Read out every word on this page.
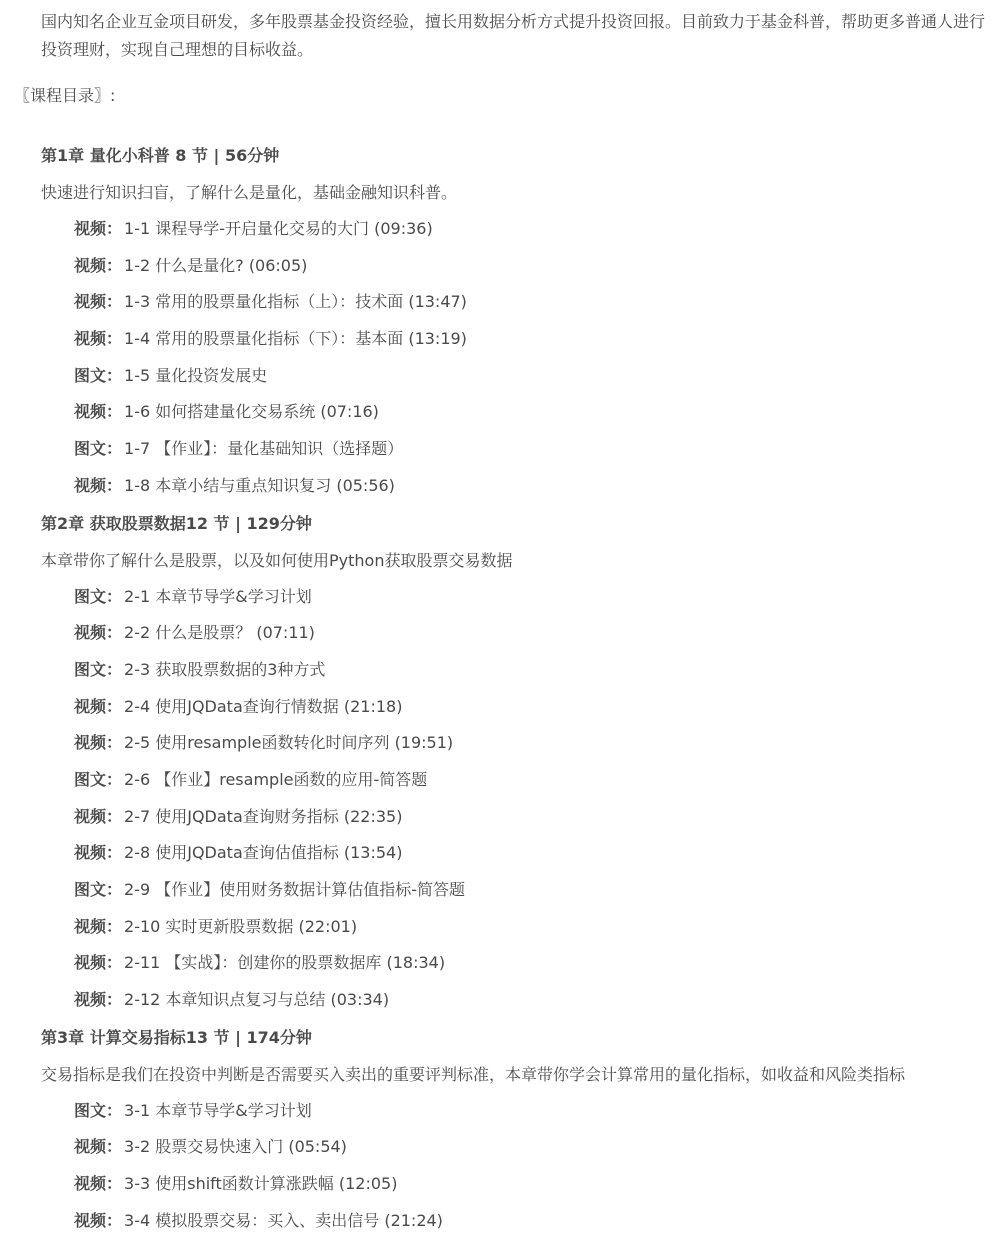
国内知名企业互金项目研发，多年股票基金投资经验，擅长用数据分析方式提升投资回报。目前致力于基金科普，帮助更多普通人进行投资理财，实现自己理想的目标收益。
〖课程目录〗:
第1章 量化小科普 8 节 | 56分钟
快速进行知识扫盲，了解什么是量化，基础金融知识科普。
视频： 1-1 课程导学-开启量化交易的大门 (09:36)
视频： 1-2 什么是量化? (06:05)
视频： 1-3 常用的股票量化指标（上）：技术面 (13:47)
视频： 1-4 常用的股票量化指标（下）：基本面 (13:19)
图文： 1-5 量化投资发展史
视频： 1-6 如何搭建量化交易系统 (07:16)
图文： 1-7 【作业】：量化基础知识（选择题）
视频： 1-8 本章小结与重点知识复习 (05:56)
第2章 获取股票数据12 节 | 129分钟
本章带你了解什么是股票，以及如何使用Python获取股票交易数据
图文： 2-1 本章节导学&学习计划
视频： 2-2 什么是股票？ (07:11)
图文： 2-3 获取股票数据的3种方式
视频： 2-4 使用JQData查询行情数据 (21:18)
视频： 2-5 使用resample函数转化时间序列 (19:51)
图文： 2-6 【作业】resample函数的应用-简答题
视频： 2-7 使用JQData查询财务指标 (22:35)
视频： 2-8 使用JQData查询估值指标 (13:54)
图文： 2-9 【作业】使用财务数据计算估值指标-简答题
视频： 2-10 实时更新股票数据 (22:01)
视频： 2-11 【实战】：创建你的股票数据库 (18:34)
视频： 2-12 本章知识点复习与总结 (03:34)
第3章 计算交易指标13 节 | 174分钟
交易指标是我们在投资中判断是否需要买入卖出的重要评判标准，本章带你学会计算常用的量化指标，如收益和风险类指标
图文： 3-1 本章节导学&学习计划
视频： 3-2 股票交易快速入门 (05:54)
视频： 3-3 使用shift函数计算涨跌幅 (12:05)
视频： 3-4 模拟股票交易：买入、卖出信号 (21:24)
